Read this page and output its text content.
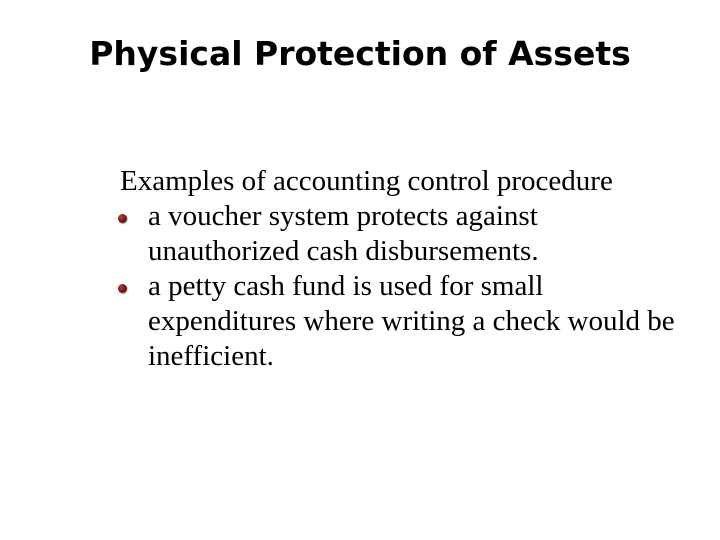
Physical Protection of Assets

Examples of accounting control procedure

a voucher system protects against unauthorized cash disbursements.
a petty cash fund is used for small expenditures where writing a check would be inefficient.
